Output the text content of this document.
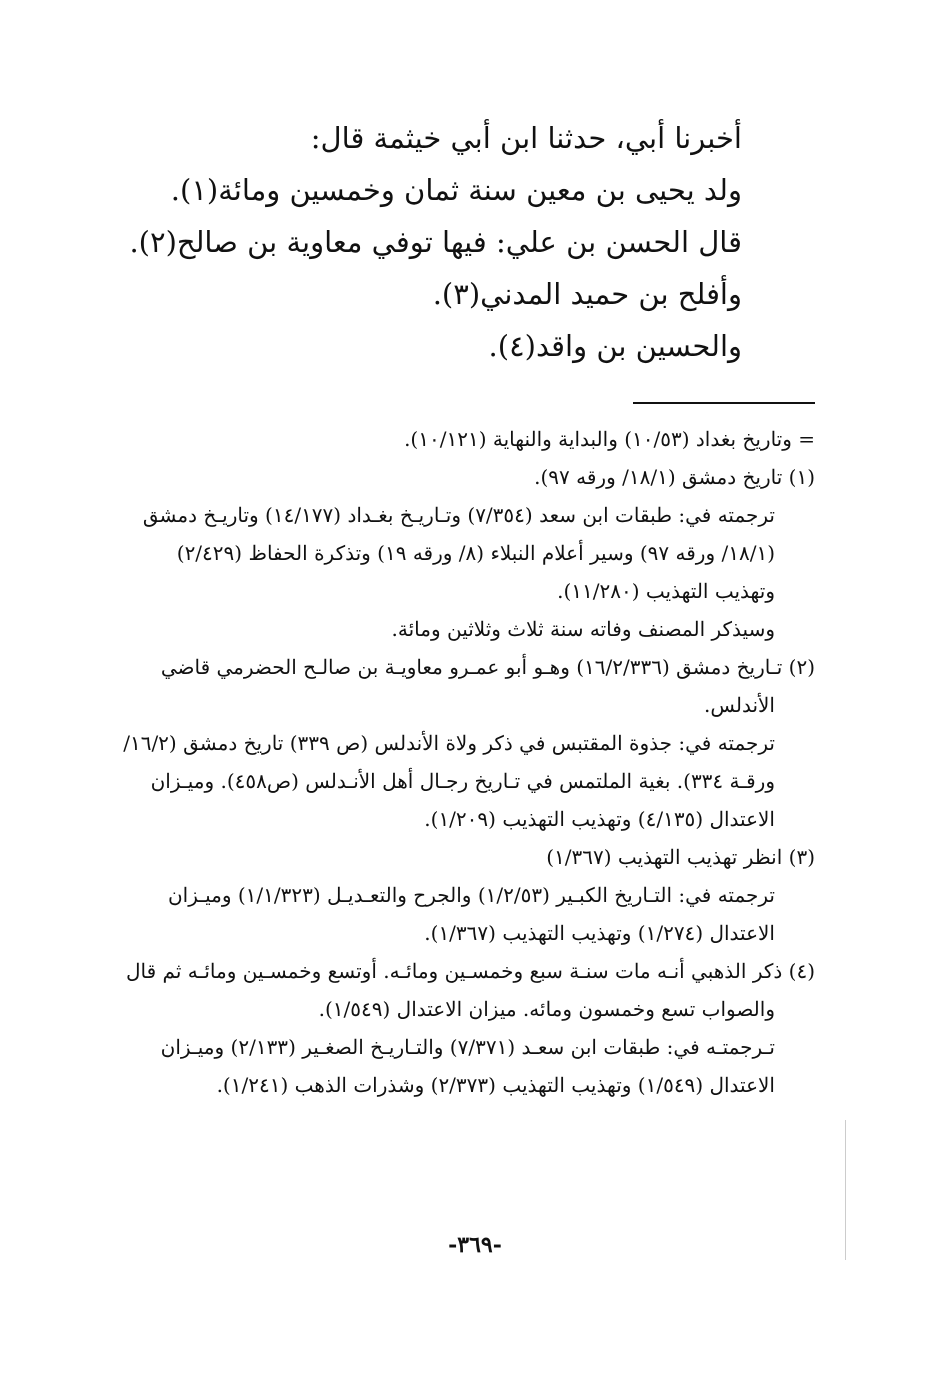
أخبرنا أبي، حدثنا ابن أبي خيثمة قال:
ولد يحيى بن معين سنة ثمان وخمسين ومائة(١).
قال الحسن بن علي: فيها توفي معاوية بن صالح(٢).
وأفلح بن حميد المدني(٣).
والحسين بن واقد(٤).
= وتاريخ بغداد (١٠/٥٣) والبداية والنهاية (١٠/١٢١).
(١) تاريخ دمشق (١٨/١/ ورقه ٩٧).
ترجمته في: طبقات ابن سعد (٧/٣٥٤) وتـاريـخ بغـداد (١٤/١٧٧) وتاريـخ دمشق
(١٨/١/ ورقه ٩٧) وسير أعلام النبلاء (٨/ ورقه ١٩) وتذكرة الحفاظ (٢/٤٢٩)
وتهذيب التهذيب (١١/٢٨٠).
وسيذكر المصنف وفاته سنة ثلاث وثلاثين ومائة.
(٢) تـاريخ دمشق (١٦/٢/٣٣٦) وهـو أبو عمـرو معاويـة بن صالـح الحضرمي قاضي
الأندلس.
ترجمته في: جذوة المقتبس في ذكر ولاة الأندلس (ص ٣٣٩) تاريخ دمشق (١٦/٢/
ورقـة ٣٣٤). بغية الملتمس في تـاريخ رجـال أهل الأنـدلس (ص٤٥٨). وميـزان
الاعتدال (٤/١٣٥) وتهذيب التهذيب (١/٢٠٩).
(٣) انظر تهذيب التهذيب (١/٣٦٧)
ترجمته في: التـاريخ الكبـير (١/٢/٥٣) والجرح والتعـديـل (١/١/٣٢٣) وميـزان
الاعتدال (١/٢٧٤) وتهذيب التهذيب (١/٣٦٧).
(٤) ذكر الذهبي أنـه مات سنـة سبع وخمسـين ومائـه. أوتسع وخمسـين ومائـه ثم قال
والصواب تسع وخمسون ومائه. ميزان الاعتدال (١/٥٤٩).
تـرجمتـه في: طبقات ابن سعـد (٧/٣٧١) والتـاريـخ الصغـير (٢/١٣٣) وميـزان
الاعتدال (١/٥٤٩) وتهذيب التهذيب (٢/٣٧٣) وشذرات الذهب (١/٢٤١).
-٣٦٩-
